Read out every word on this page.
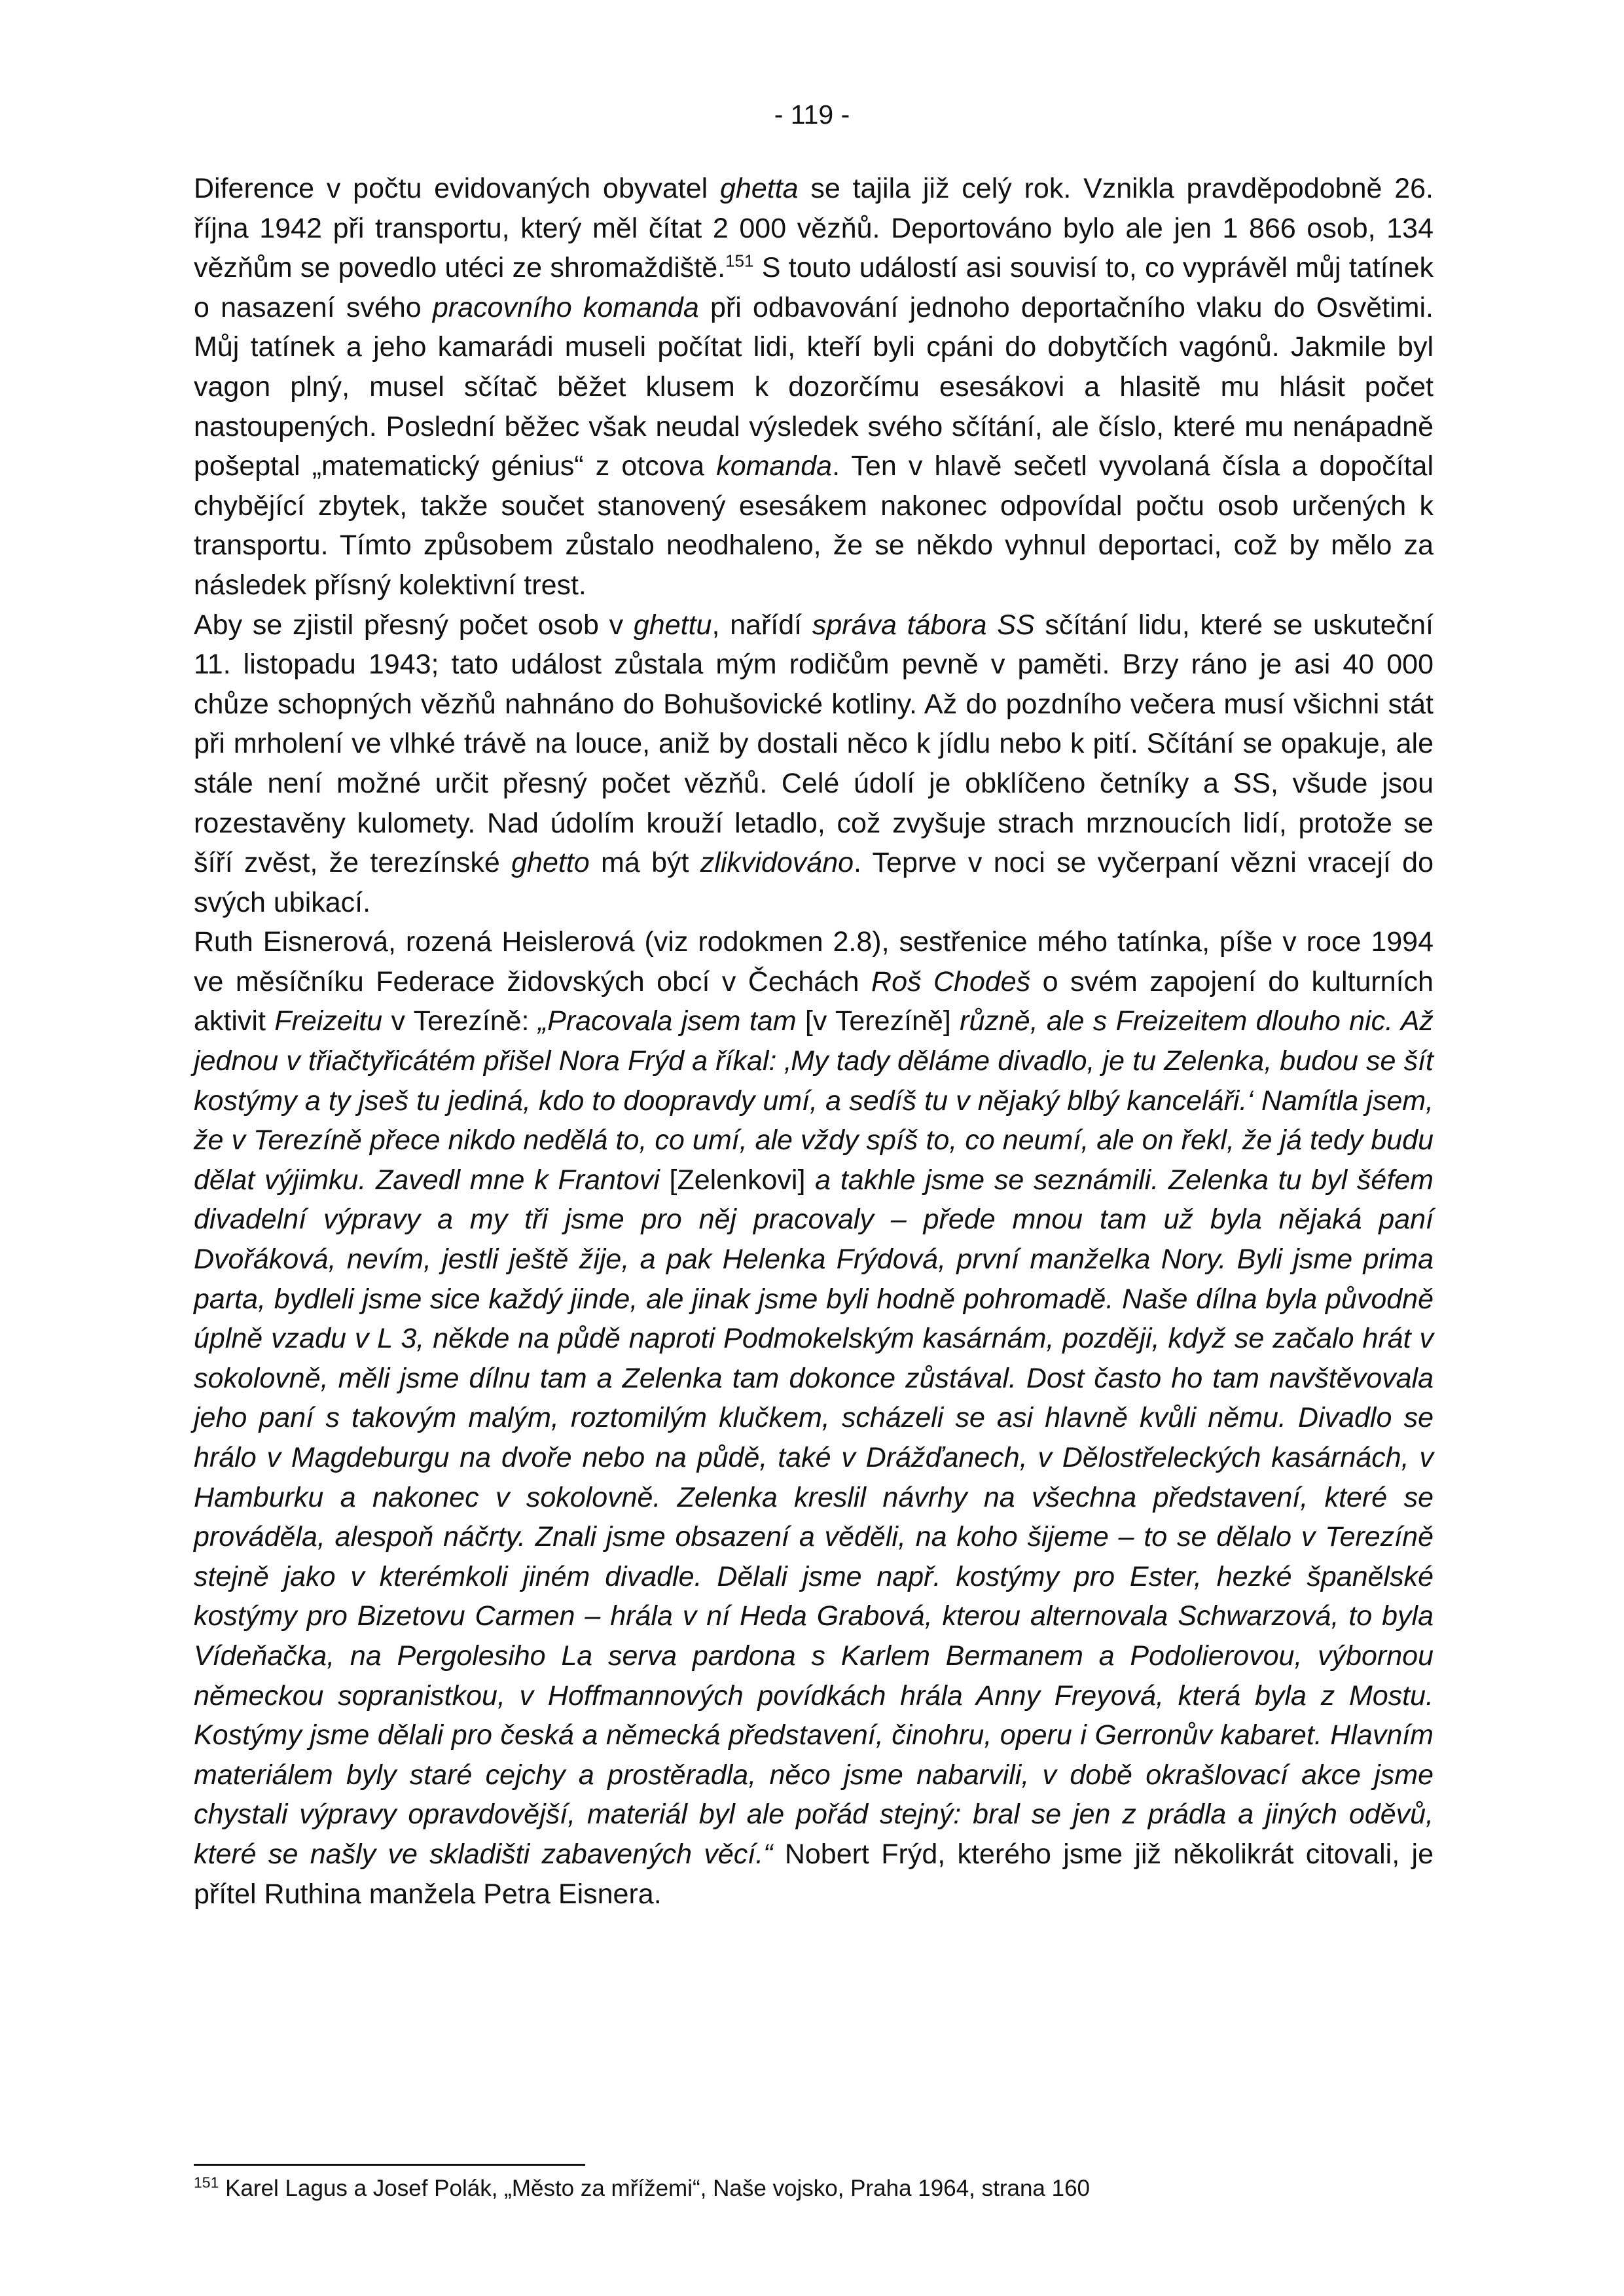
- 119 -

Diference v počtu evidovaných obyvatel ghetta se tajila již celý rok. Vznikla pravděpodobně 26. října 1942 při transportu, který měl čítat 2 000 vězňů. Deportováno bylo ale jen 1 866 osob, 134 vězňům se povedlo utéci ze shromaždiště.$^{151}$ S touto událostí asi souvisí to, co vyprávěl můj tatínek o nasazení svého pracovního komanda při odbavování jednoho deportačního vlaku do Osvětimi. Můj tatínek a jeho kamarádi museli počítat lidi, kteří byli cpáni do dobytčích vagónů. Jakmile byl vagon plný, musel sčítač běžet klusem k dozorčímu esesákovi a hlasitě mu hlásit počet nastoupených. Poslední běžec však neudal výsledek svého sčítání, ale číslo, které mu nenápadně pošeptal „matematický génius“ z otcova komanda. Ten v hlavě sečetl vyvolaná čísla a dopočítal chybějící zbytek, takže součet stanovený esesákem nakonec odpovídal počtu osob určených k transportu. Tímto způsobem zůstalo neodhaleno, že se někdo vyhnul deportaci, což by mělo za následek přísný kolektivní trest.

Aby se zjistil přesný počet osob v ghettu, nařídí správa tábora SS sčítání lidu, které se uskuteční 11. listopadu 1943; tato událost zůstala mým rodičům pevně v paměti. Brzy ráno je asi 40 000 chůze schopných vězňů nahnáno do Bohušovické kotliny. Až do pozdního večera musí všichni stát při mrholení ve vlhké trávě na louce, aniž by dostali něco k jídlu nebo k pití. Sčítání se opakuje, ale stále není možné určit přesný počet vězňů. Celé údolí je obklíčeno četníky a SS, všude jsou rozestavěny kulomety. Nad údolím krouží letadlo, což zvyšuje strach mrznoucích lidí, protože se šíří zvěst, že terezínské ghetto má být zlikvidováno. Teprve v noci se vyčerpaní vězni vracejí do svých ubikací.

Ruth Eisnerová, rozená Heislerová (viz rodokmen 2.8), sestřenice mého tatínka, píše v roce 1994 ve měsíčníku Federace židovských obcí v Čechách Roš Chodeš o svém zapojení do kulturních aktivit Freizeitu v Terezíně: „Pracovala jsem tam [v Terezíně] různě, ale s Freizeitem dlouho nic. Až jednou v třiačtyřicátém přišel Nora Frýd a říkal: ‚My tady děláme divadlo, je tu Zelenka, budou se šít kostýmy a ty jseš tu jediná, kdo to doopravdy umí, a sedíš tu v nějaký blbý kanceláři.‘ Namítla jsem, že v Terezíně přece nikdo nedělá to, co umí, ale vždy spíš to, co neumí, ale on řekl, že já tedy budu dělat výjimku. Zavedl mne k Frantovi [Zelenkovi] a takhle jsme se seznámili. Zelenka tu byl šéfem divadelní výpravy a my tři jsme pro něj pracovaly – přede mnou tam už byla nějaká paní Dvořáková, nevím, jestli ještě žije, a pak Helenka Frýdová, první manželka Nory. Byli jsme prima parta, bydleli jsme sice každý jinde, ale jinak jsme byli hodně pohromadě. Naše dílna byla původně úplně vzadu v L 3, někde na půdě naproti Podmokelským kasárnám, později, když se začalo hrát v sokolovně, měli jsme dílnu tam a Zelenka tam dokonce zůstával. Dost často ho tam navštěvovala jeho paní s takovým malým, roztomilým klučkem, scházeli se asi hlavně kvůli němu. Divadlo se hrálo v Magdeburgu na dvoře nebo na půdě, také v Drážďanech, v Dělostřeleckých kasárnách, v Hamburku a nakonec v sokolovně. Zelenka kreslil návrhy na všechna představení, které se prováděla, alespoň náčrty. Znali jsme obsazení a věděli, na koho šijeme – to se dělalo v Terezíně stejně jako v kterémkoli jiném divadle. Dělali jsme např. kostýmy pro Ester, hezké španělské kostýmy pro Bizetovu Carmen – hrála v ní Heda Grabová, kterou alternovala Schwarzová, to byla Vídeňačka, na Pergolesiho La serva pardona s Karlem Bermanem a Podolierovou, výbornou německou sopranistkou, v Hoffmannových povídkách hrála Anny Freyová, která byla z Mostu. Kostýmy jsme dělali pro česká a německá představení, činohru, operu i Gerronův kabaret. Hlavním materiálem byly staré cejchy a prostěradla, něco jsme nabarvili, v době okrašlovací akce jsme chystali výpravy opravdovější, materiál byl ale pořád stejný: bral se jen z prádla a jiných oděvů, které se našly ve skladišti zabavených věcí.“ Nobert Frýd, kterého jsme již několikrát citovali, je přítel Ruthina manžela Petra Eisnera.

$^{151}$ Karel Lagus a Josef Polák, „Město za mřížemi“, Naše vojsko, Praha 1964, strana 160
